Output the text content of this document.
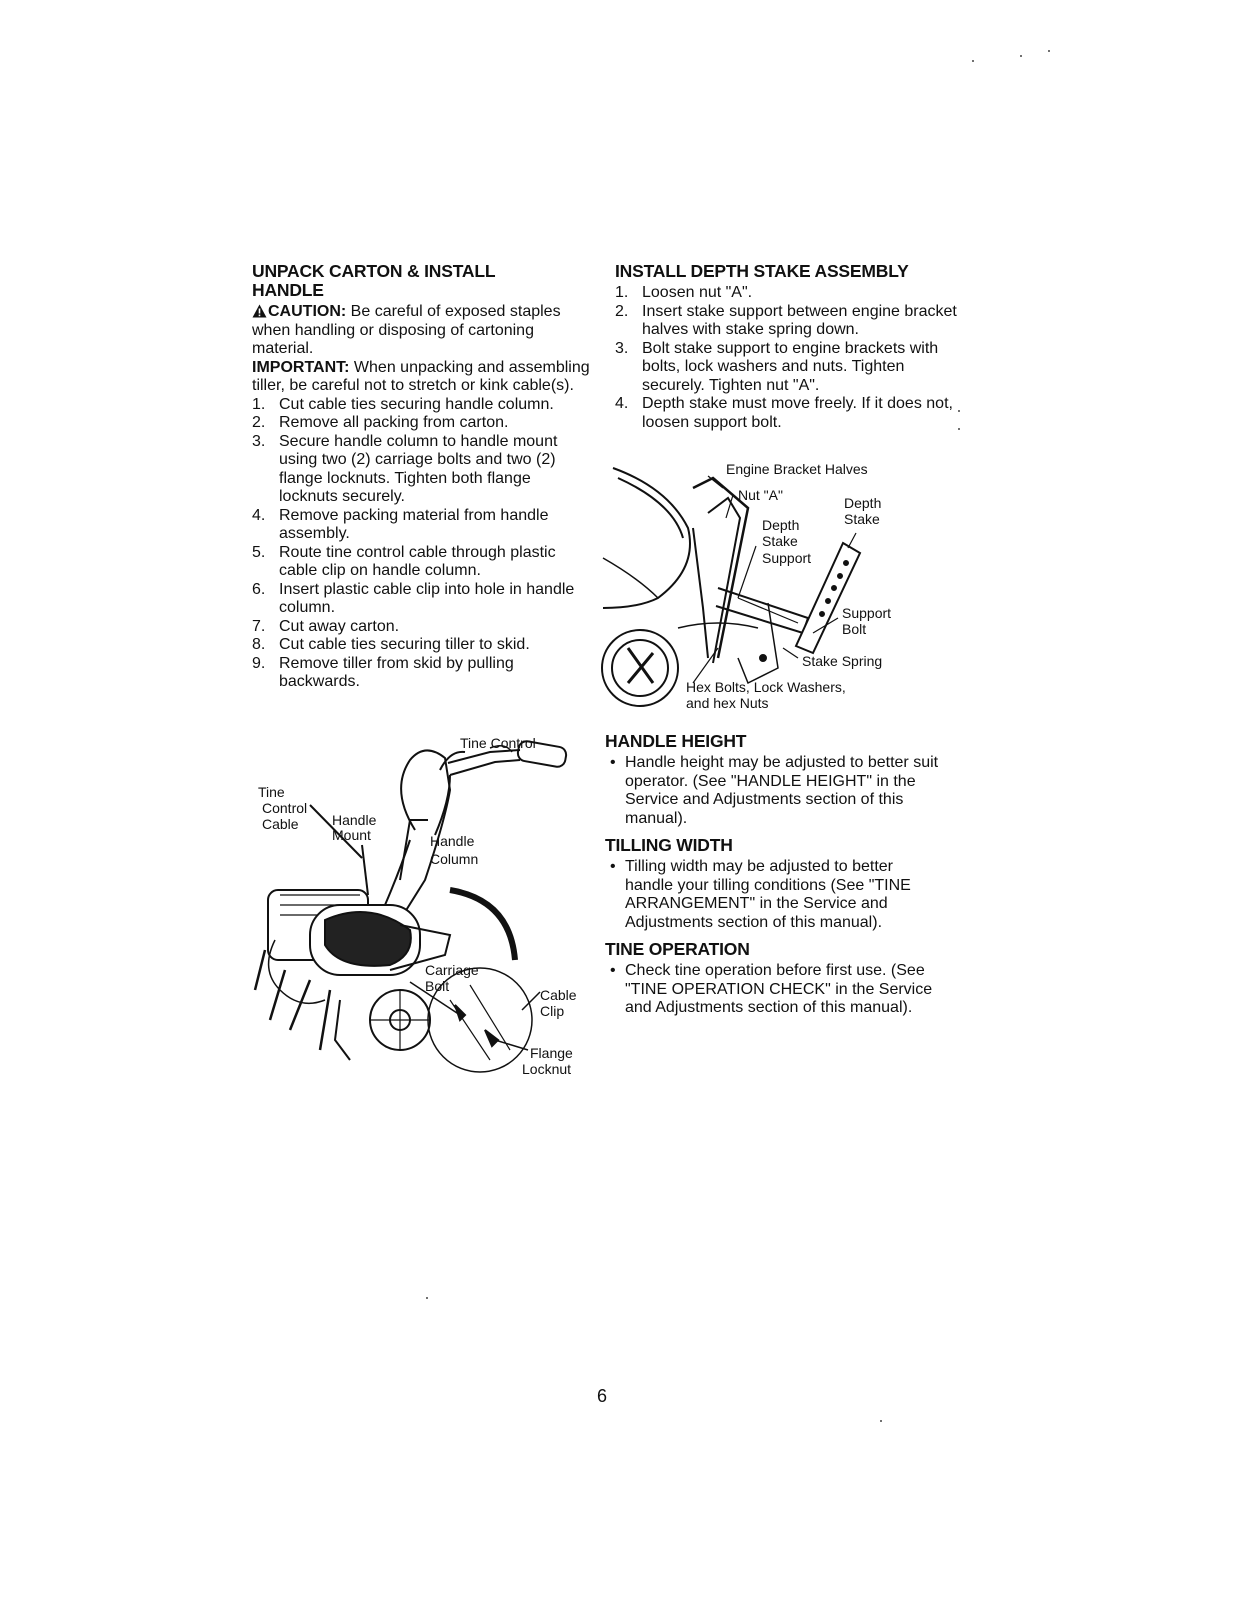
UNPACK CARTON & INSTALL HANDLE

CAUTION: Be careful of exposed staples when handling or disposing of cartoning material.

IMPORTANT: When unpacking and assembling tiller, be careful not to stretch or kink cable(s).

1. Cut cable ties securing handle column.
2. Remove all packing from carton.
3. Secure handle column to handle mount using two (2) carriage bolts and two (2) flange locknuts. Tighten both flange locknuts securely.
4. Remove packing material from handle assembly.
5. Route tine control cable through plastic cable clip on handle column.
6. Insert plastic cable clip into hole in handle column.
7. Cut away carton.
8. Cut cable ties securing tiller to skid.
9. Remove tiller from skid by pulling backwards.
Tine Control
Tine
Control
Cable Handle
Mount	Handle
Column
Carriage
Bolt
Cable
Clip
Flange
Locknut
INSTALL DEPTH STAKE ASSEMBLY
1. Loosen nut "A".
2. Insert stake support between engine bracket halves with stake spring down.
3. Bolt stake support to engine brackets with bolts, lock washers and nuts. Tighten securely. Tighten nut "A".
4. Depth stake must move freely. If it does not, loosen support bolt.
Engine Bracket Halves
Nut "A"	Depth
Stake
Depth
Stake
Support
Support
Bolt
Stake Spring
Hex Bolts, Lock Washers,
and hex Nuts
HANDLE HEIGHT
• Handle height may be adjusted to better suit operator. (See "HANDLE HEIGHT" in the Service and Adjustments section of this manual).
TILLING WIDTH
• Tilling width may be adjusted to better handle your tilling conditions (See "TINE ARRANGEMENT" in the Service and Adjustments section of this manual).
TINE OPERATION
• Check tine operation before first use. (See "TINE OPERATION CHECK" in the Service and Adjustments section of this manual).
6
